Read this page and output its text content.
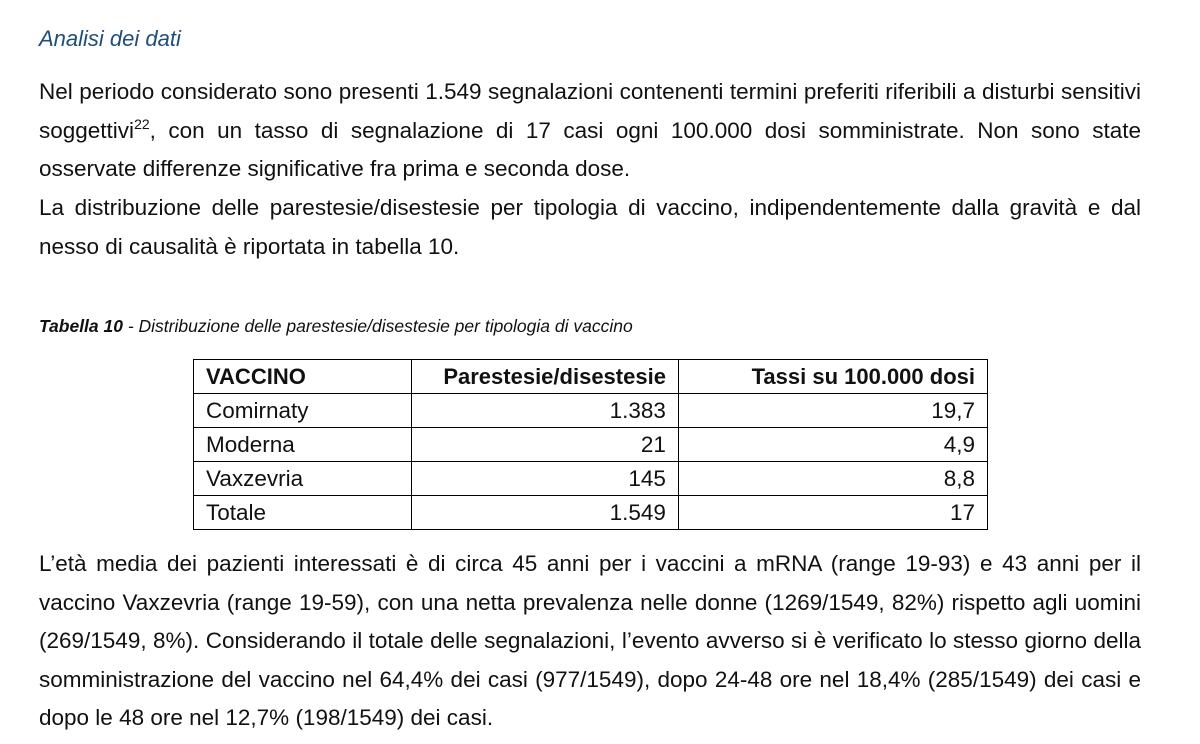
Analisi dei dati

Nel periodo considerato sono presenti 1.549 segnalazioni contenenti termini preferiti riferibili a disturbi sensitivi soggettivi$^{22}$, con un tasso di segnalazione di 17 casi ogni 100.000 dosi somministrate. Non sono state osservate differenze significative fra prima e seconda dose.

La distribuzione delle parestesie/disestesie per tipologia di vaccino, indipendentemente dalla gravità e dal nesso di causalità è riportata in tabella 10.

Tabella 10 - Distribuzione delle parestesie/disestesie per tipologia di vaccino

VACCINO	Parestesie/disestesie	Tassi su 100.000 dosi
Comirnaty	1.383	19,7
Moderna	21	4,9
Vaxzevria	145	8,8
Totale	1.549	17

L’età media dei pazienti interessati è di circa 45 anni per i vaccini a mRNA (range 19-93) e 43 anni per il vaccino Vaxzevria (range 19-59), con una netta prevalenza nelle donne (1269/1549, 82%) rispetto agli uomini (269/1549, 8%). Considerando il totale delle segnalazioni, l’evento avverso si è verificato lo stesso giorno della somministrazione del vaccino nel 64,4% dei casi (977/1549), dopo 24-48 ore nel 18,4% (285/1549) dei casi e dopo le 48 ore nel 12,7% (198/1549) dei casi.
